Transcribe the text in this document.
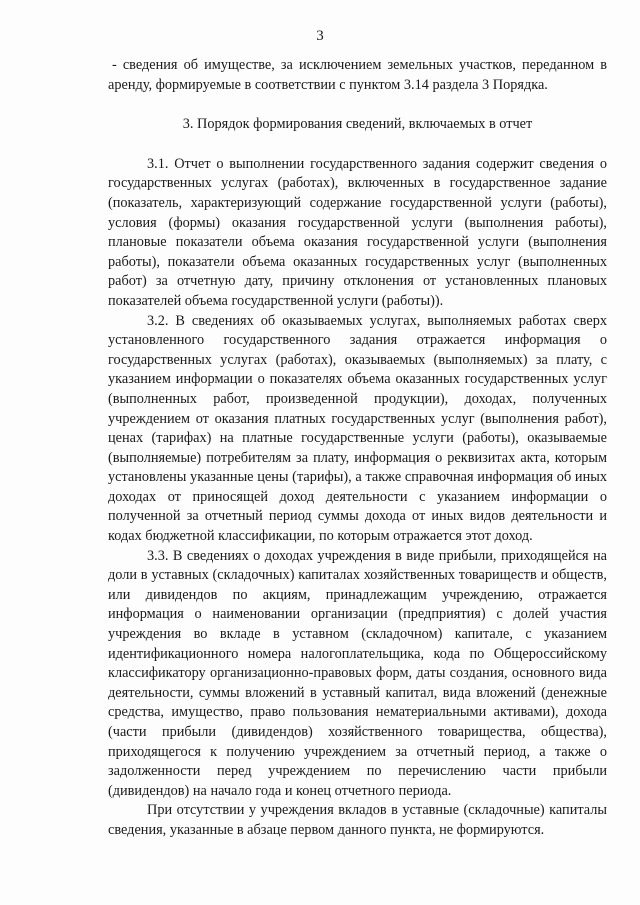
3

- сведения об имуществе, за исключением земельных участков, переданном в аренду, формируемые в соответствии с пунктом 3.14 раздела 3 Порядка.

3. Порядок формирования сведений, включаемых в отчет

3.1. Отчет о выполнении государственного задания содержит сведения о государственных услугах (работах), включенных в государственное задание (показатель, характеризующий содержание государственной услуги (работы), условия (формы) оказания государственной услуги (выполнения работы), плановые показатели объема оказания государственной услуги (выполнения работы), показатели объема оказанных государственных услуг (выполненных работ) за отчетную дату, причину отклонения от установленных плановых показателей объема государственной услуги (работы)).

3.2. В сведениях об оказываемых услугах, выполняемых работах сверх установленного государственного задания отражается информация о государственных услугах (работах), оказываемых (выполняемых) за плату, с указанием информации о показателях объема оказанных государственных услуг (выполненных работ, произведенной продукции), доходах, полученных учреждением от оказания платных государственных услуг (выполнения работ), ценах (тарифах) на платные государственные услуги (работы), оказываемые (выполняемые) потребителям за плату, информация о реквизитах акта, которым установлены указанные цены (тарифы), а также справочная информация об иных доходах от приносящей доход деятельности с указанием информации о полученной за отчетный период суммы дохода от иных видов деятельности и кодах бюджетной классификации, по которым отражается этот доход.

3.3. В сведениях о доходах учреждения в виде прибыли, приходящейся на доли в уставных (складочных) капиталах хозяйственных товариществ и обществ, или дивидендов по акциям, принадлежащим учреждению, отражается информация о наименовании организации (предприятия) с долей участия учреждения во вкладе в уставном (складочном) капитале, с указанием идентификационного номера налогоплательщика, кода по Общероссийскому классификатору организационно-правовых форм, даты создания, основного вида деятельности, суммы вложений в уставный капитал, вида вложений (денежные средства, имущество, право пользования нематериальными активами), дохода (части прибыли (дивидендов) хозяйственного товарищества, общества), приходящегося к получению учреждением за отчетный период, а также о задолженности перед учреждением по перечислению части прибыли (дивидендов) на начало года и конец отчетного периода.

При отсутствии у учреждения вкладов в уставные (складочные) капиталы сведения, указанные в абзаце первом данного пункта, не формируются.
